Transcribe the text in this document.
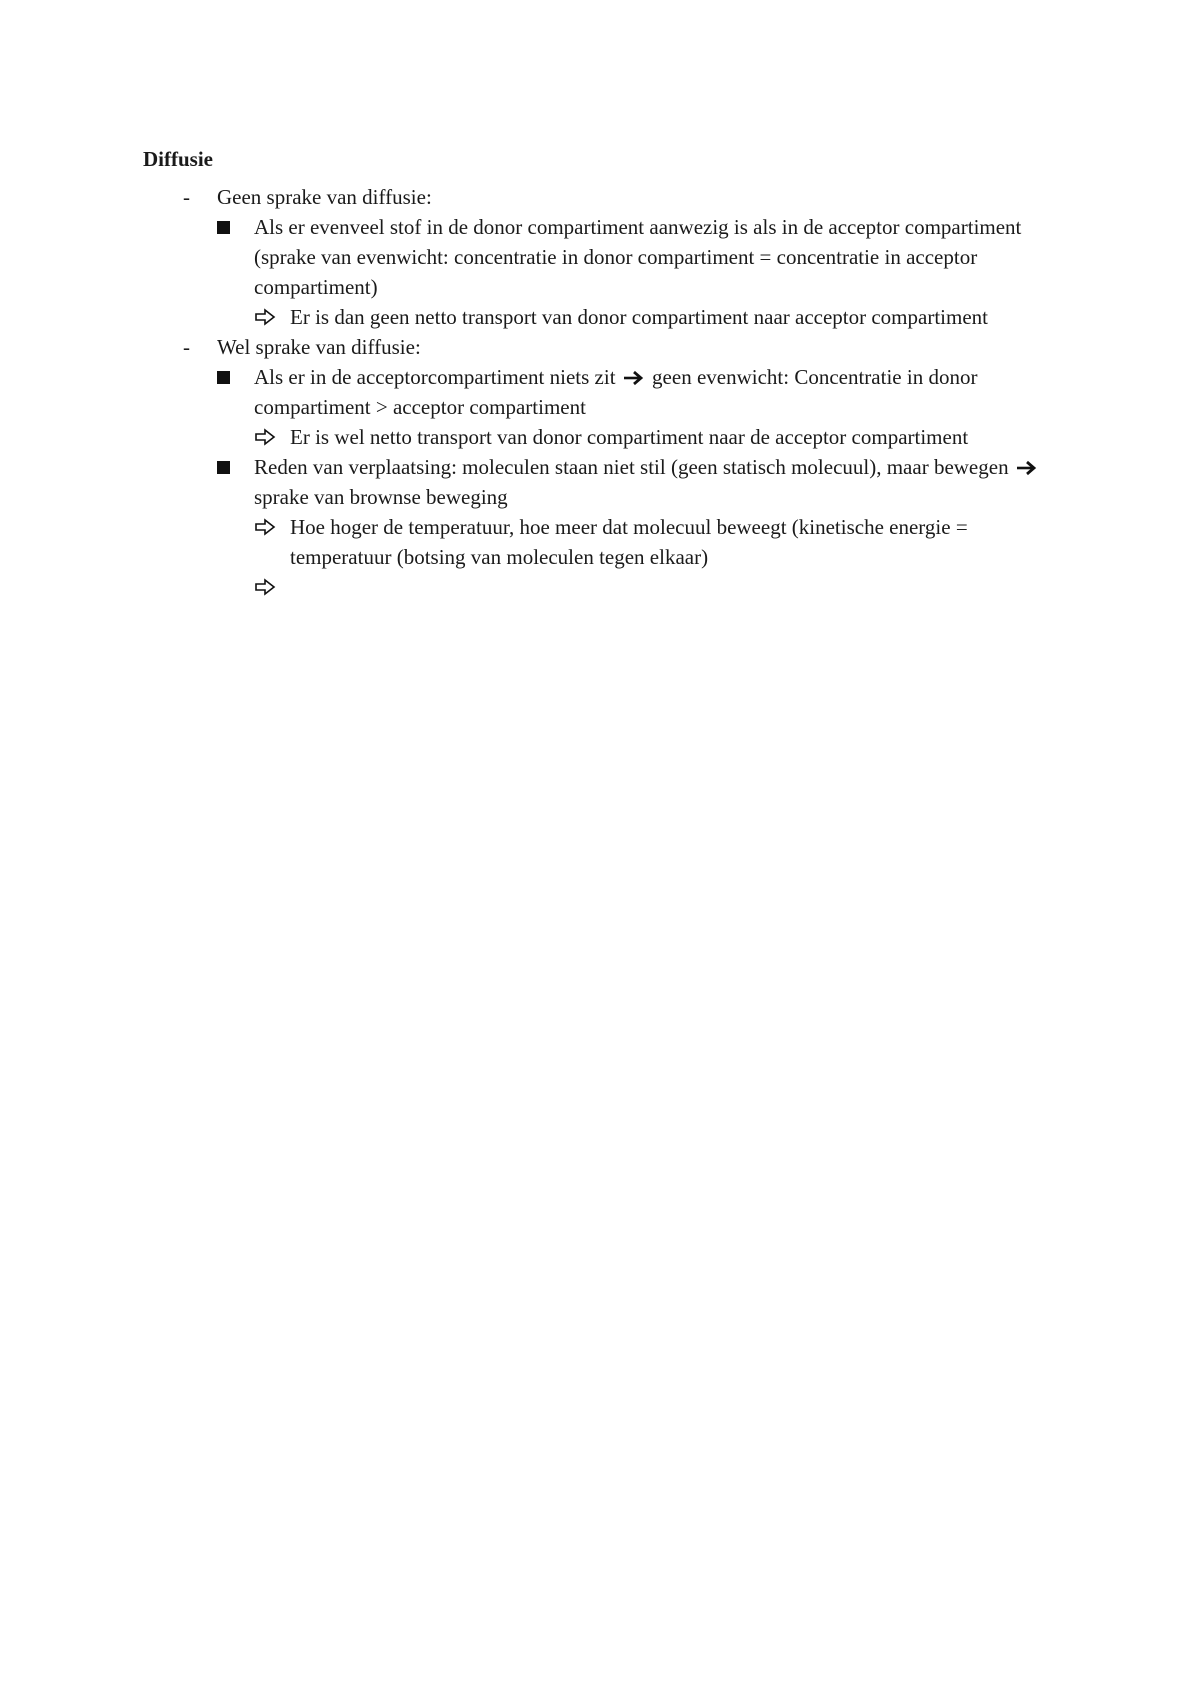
Diffusie
-	Geen sprake van diffusie:
Als er evenveel stof in de donor compartiment aanwezig is als in de acceptor compartiment (sprake van evenwicht: concentratie in donor compartiment = concentratie in acceptor compartiment)
Er is dan geen netto transport van donor compartiment naar acceptor compartiment
-	Wel sprake van diffusie:
Als er in de acceptorcompartiment niets zit geen evenwicht: Concentratie in donor compartiment > acceptor compartiment
Er is wel netto transport van donor compartiment naar de acceptor compartiment
Reden van verplaatsing: moleculen staan niet stil (geen statisch molecuul), maar bewegen  sprake van brownse beweging
Hoe hoger de temperatuur, hoe meer dat molecuul beweegt (kinetische energie = temperatuur (botsing van moleculen tegen elkaar)
